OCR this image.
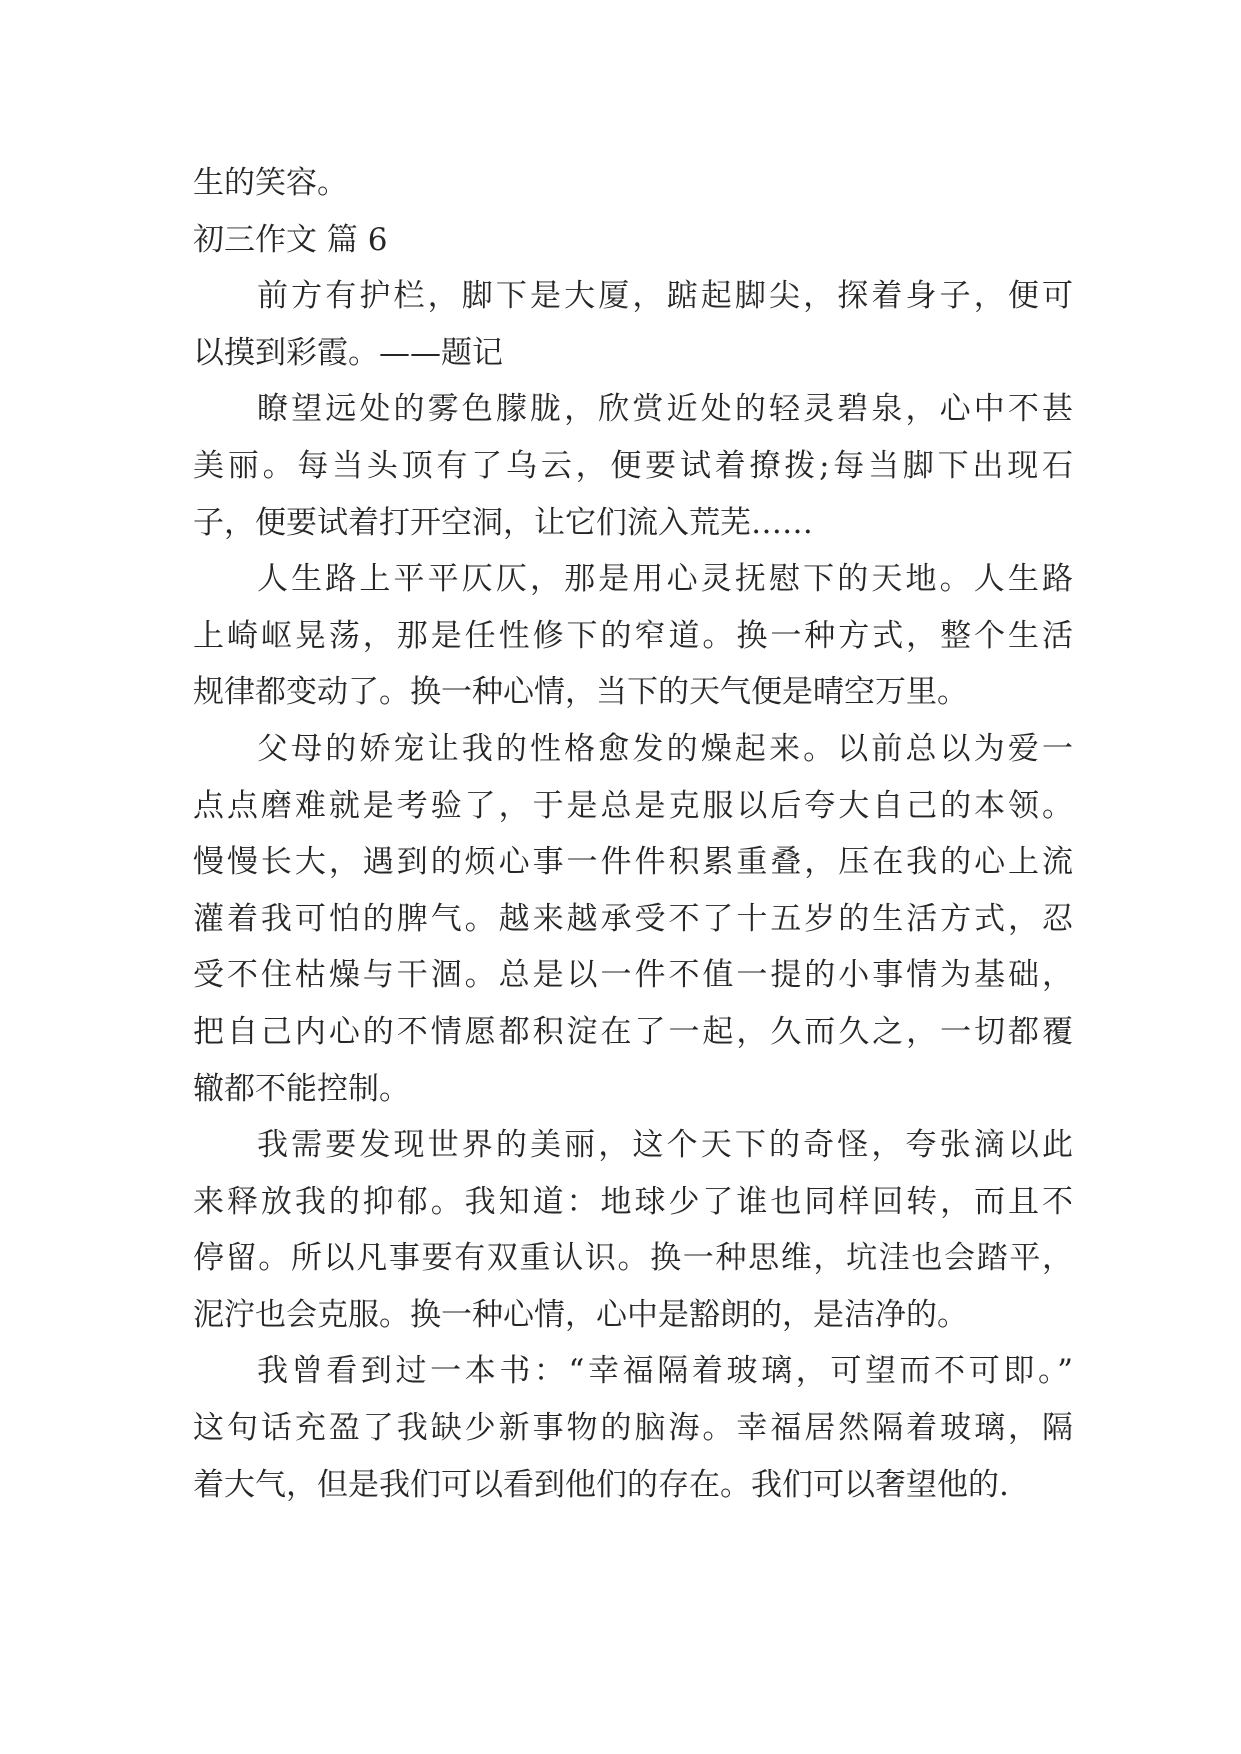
生的笑容。
初三作文 篇 6
前方有护栏，脚下是大厦，踮起脚尖，探着身子，便可
以摸到彩霞。——题记
瞭望远处的雾色朦胧，欣赏近处的轻灵碧泉，心中不甚
美丽。每当头顶有了乌云，便要试着撩拨;每当脚下出现石
子，便要试着打开空洞，让它们流入荒芜……
人生路上平平仄仄，那是用心灵抚慰下的天地。人生路
上崎岖晃荡，那是任性修下的窄道。换一种方式，整个生活
规律都变动了。换一种心情，当下的天气便是晴空万里。
父母的娇宠让我的性格愈发的燥起来。以前总以为爱一
点点磨难就是考验了，于是总是克服以后夸大自己的本领。
慢慢长大，遇到的烦心事一件件积累重叠，压在我的心上流
灌着我可怕的脾气。越来越承受不了十五岁的生活方式，忍
受不住枯燥与干涸。总是以一件不值一提的小事情为基础，
把自己内心的不情愿都积淀在了一起，久而久之，一切都覆
辙都不能控制。
我需要发现世界的美丽，这个天下的奇怪，夸张滴以此
来释放我的抑郁。我知道：地球少了谁也同样回转，而且不
停留。所以凡事要有双重认识。换一种思维，坑洼也会踏平，
泥泞也会克服。换一种心情，心中是豁朗的，是洁净的。
我曾看到过一本书：“幸福隔着玻璃，可望而不可即。”
这句话充盈了我缺少新事物的脑海。幸福居然隔着玻璃，隔
着大气，但是我们可以看到他们的存在。我们可以奢望他的.
